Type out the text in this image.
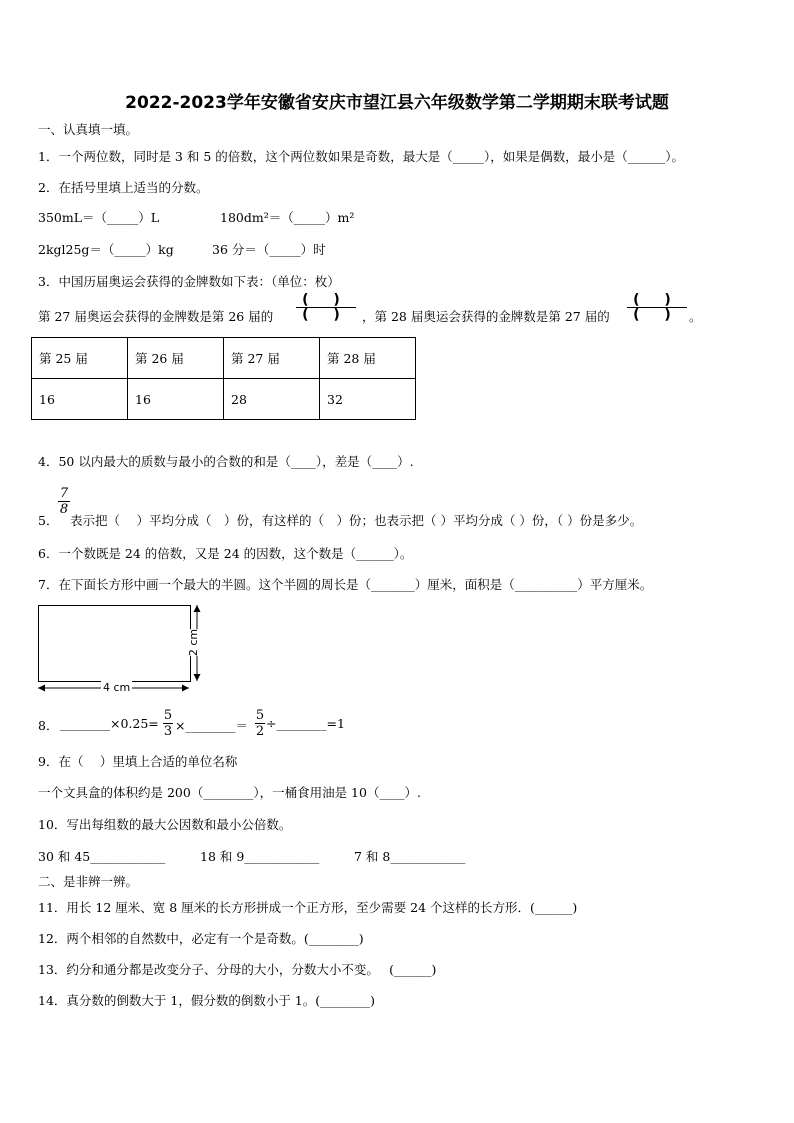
2022-2023学年安徽省安庆市望江县六年级数学第二学期期末联考试题
一、认真填一填。
1．一个两位数，同时是 3 和 5 的倍数，这个两位数如果是奇数，最大是（_____），如果是偶数，最小是（______）。
2．在括号里填上适当的分数。
350mL＝（_____）L	180dm²＝（_____）m²
2kgl25g＝（_____）kg	36 分＝（_____）时
3．中国历届奥运会获得的金牌数如下表：（单位：枚）
第 27 届奥运会获得的金牌数是第 26 届的
( )
( ) ，第 28 届奥运会获得的金牌数是第 27 届的
( )
( ) 。
第 25 届	第 26 届	第 27 届	第 28 届
16	16	28	32
4．50 以内最大的质数与最小的合数的和是（____），差是（____）.
5．
7
8
表示把（　 ）平均分成（　）份，有这样的（　）份；也表示把（ ）平均分成（ ）份，（ ）份是多少。
6．一个数既是 24 的倍数，又是 24 的因数，这个数是（______）。
7．在下面长方形中画一个最大的半圆。这个半圆的周长是（_______）厘米，面积是（__________）平方厘米。
4 cm
2 cm
8． ________×0.25=
5
3 ×________＝
5
2
÷________=1
9．在（　 ）里填上合适的单位名称
一个文具盒的体积约是 200（________），一桶食用油是 10（____）.
10．写出每组数的最大公因数和最小公倍数。
30 和 45____________	18 和 9____________	7 和 8____________
二、是非辨一辨。
11．用长 12 厘米、宽 8 厘米的长方形拼成一个正方形，至少需要 24 个这样的长方形．(______)
12．两个相邻的自然数中，必定有一个是奇数。(________)
13．约分和通分都是改变分子、分母的大小，分数大小不变。　 (______)
14．真分数的倒数大于 1，假分数的倒数小于 1。(________)
